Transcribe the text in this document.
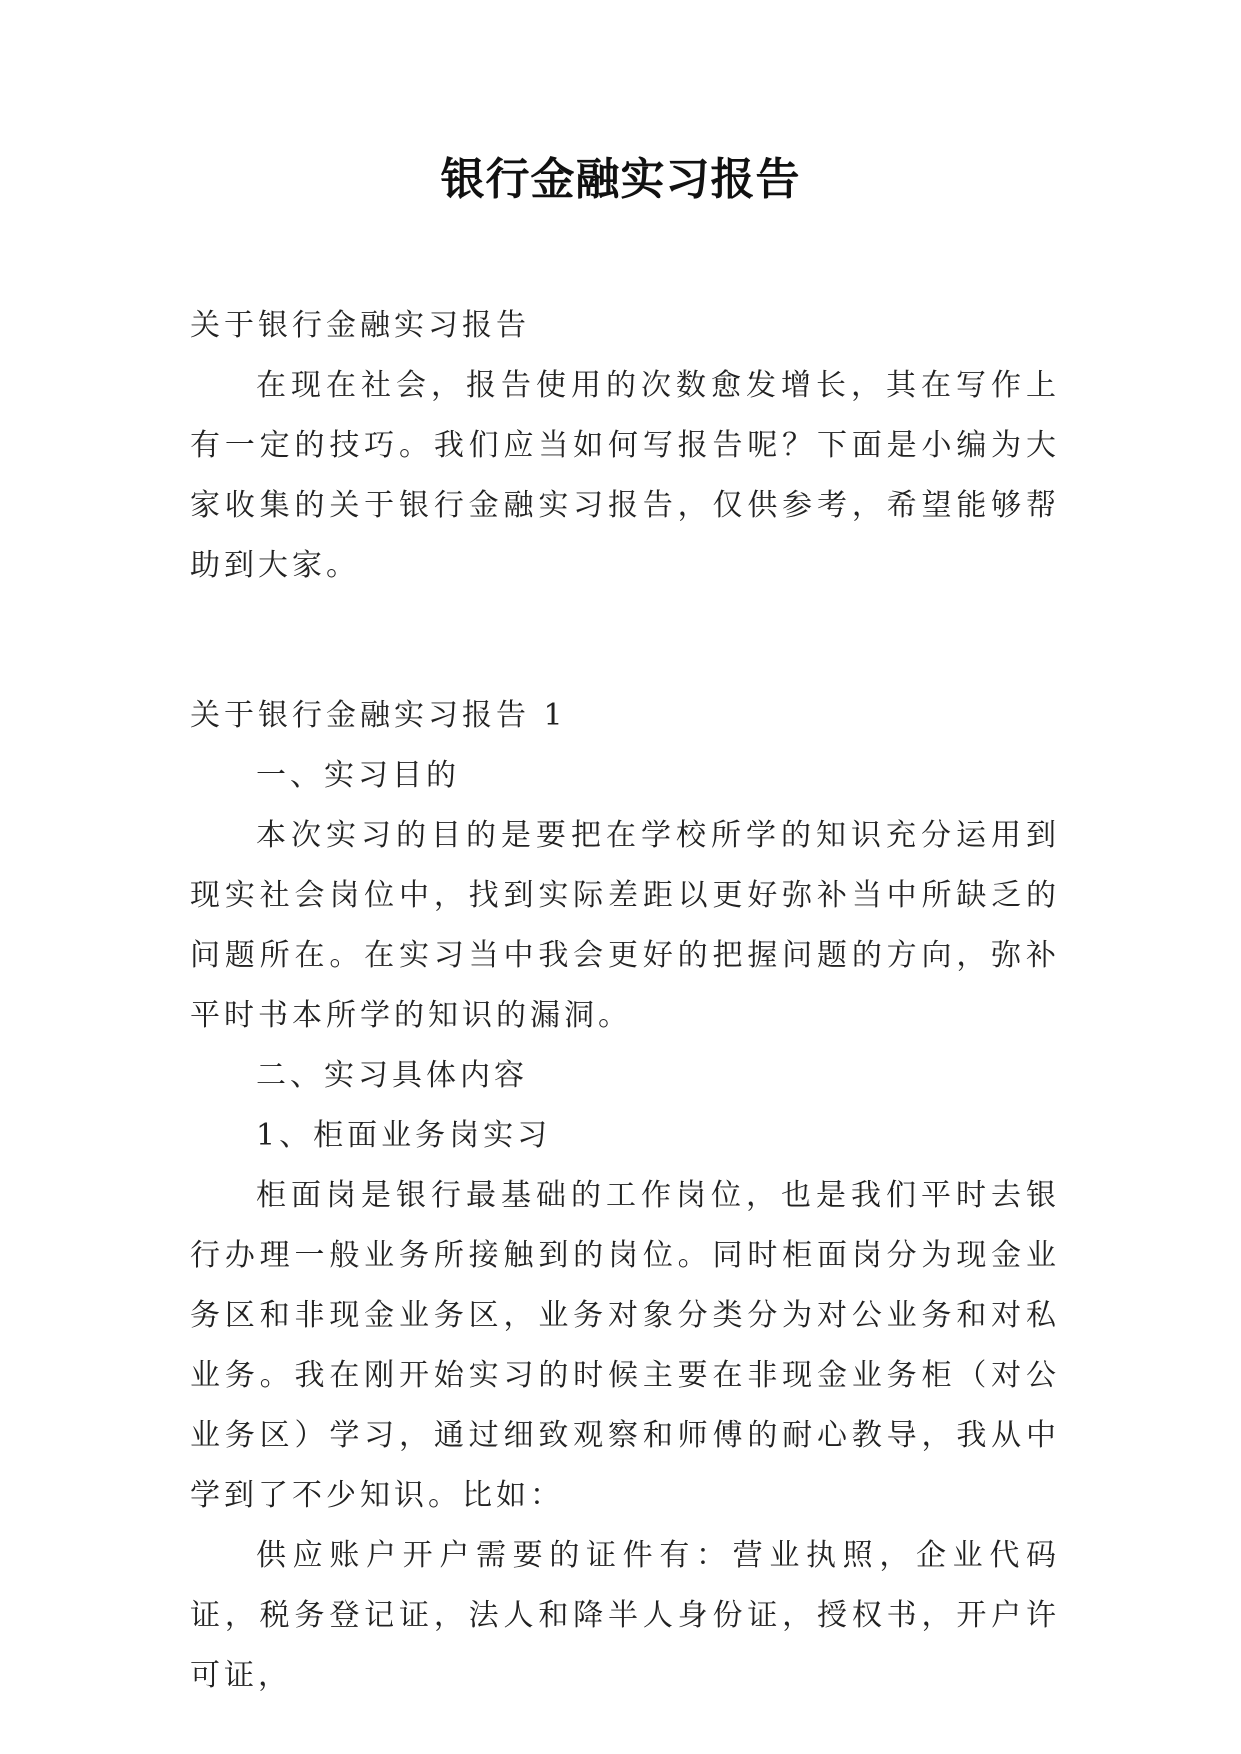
银行金融实习报告

关于银行金融实习报告

在现在社会，报告使用的次数愈发增长，其在写作上有一定的技巧。我们应当如何写报告呢？下面是小编为大家收集的关于银行金融实习报告，仅供参考，希望能够帮助到大家。

关于银行金融实习报告 1

一、实习目的

本次实习的目的是要把在学校所学的知识充分运用到现实社会岗位中，找到实际差距以更好弥补当中所缺乏的问题所在。在实习当中我会更好的把握问题的方向，弥补平时书本所学的知识的漏洞。

二、实习具体内容

1、柜面业务岗实习

柜面岗是银行最基础的工作岗位，也是我们平时去银行办理一般业务所接触到的岗位。同时柜面岗分为现金业务区和非现金业务区，业务对象分类分为对公业务和对私业务。我在刚开始实习的时候主要在非现金业务柜（对公业务区）学习，通过细致观察和师傅的耐心教导，我从中学到了不少知识。比如：

供应账户开户需要的证件有：营业执照，企业代码证，税务登记证，法人和降半人身份证，授权书，开户许可证，
